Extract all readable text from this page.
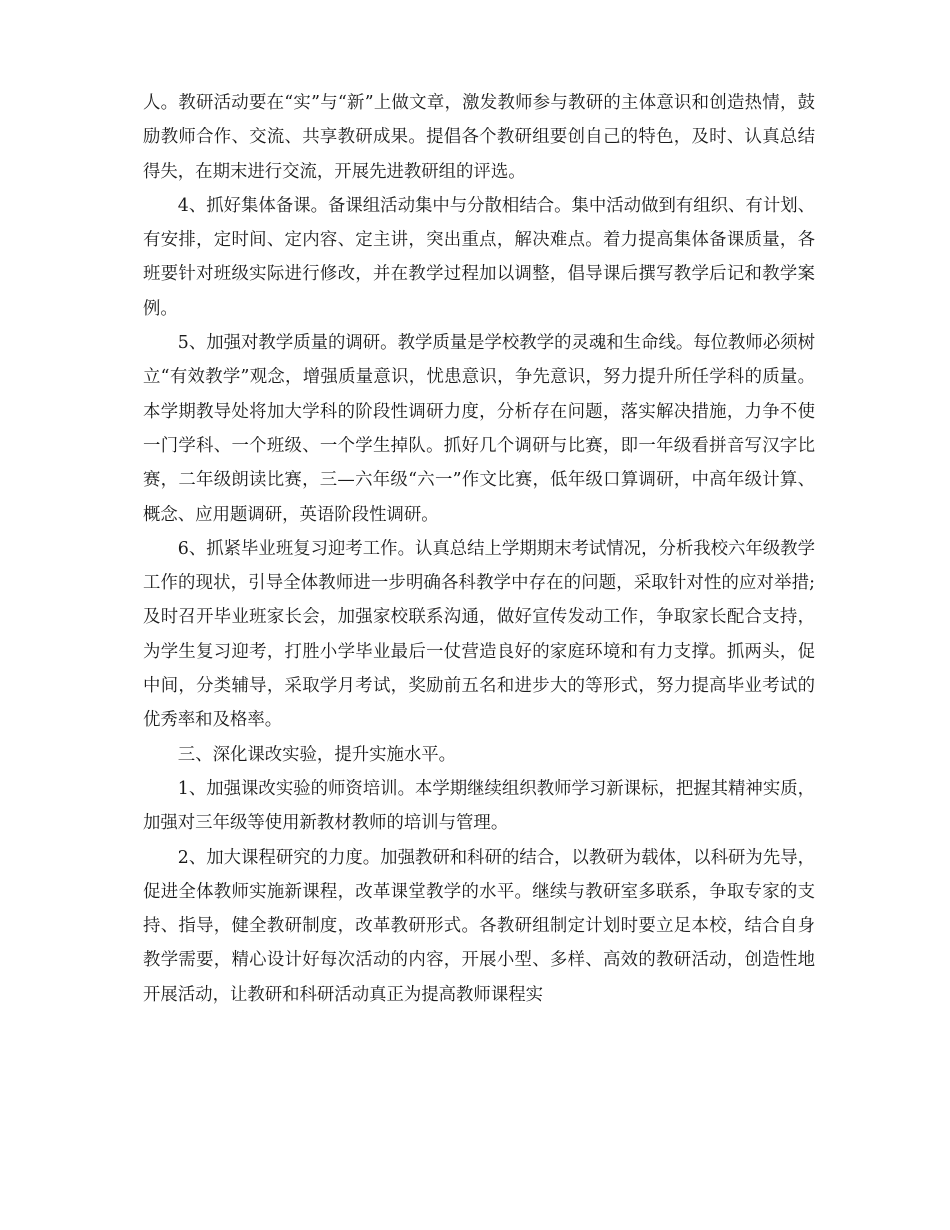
人。教研活动要在“实”与“新”上做文章，激发教师参与教研的主体意识和创造热情，鼓励教师合作、交流、共享教研成果。提倡各个教研组要创自己的特色，及时、认真总结得失，在期末进行交流，开展先进教研组的评选。

4、抓好集体备课。备课组活动集中与分散相结合。集中活动做到有组织、有计划、有安排，定时间、定内容、定主讲，突出重点，解决难点。着力提高集体备课质量，各班要针对班级实际进行修改，并在教学过程加以调整，倡导课后撰写教学后记和教学案例。

5、加强对教学质量的调研。教学质量是学校教学的灵魂和生命线。每位教师必须树立“有效教学”观念，增强质量意识，忧患意识，争先意识，努力提升所任学科的质量。本学期教导处将加大学科的阶段性调研力度，分析存在问题，落实解决措施，力争不使一门学科、一个班级、一个学生掉队。抓好几个调研与比赛，即一年级看拼音写汉字比赛，二年级朗读比赛，三—六年级“六一”作文比赛，低年级口算调研，中高年级计算、概念、应用题调研，英语阶段性调研。

6、抓紧毕业班复习迎考工作。认真总结上学期期末考试情况，分析我校六年级教学工作的现状，引导全体教师进一步明确各科教学中存在的问题，采取针对性的应对举措;及时召开毕业班家长会，加强家校联系沟通，做好宣传发动工作，争取家长配合支持，为学生复习迎考，打胜小学毕业最后一仗营造良好的家庭环境和有力支撑。抓两头，促中间，分类辅导，采取学月考试，奖励前五名和进步大的等形式，努力提高毕业考试的优秀率和及格率。

三、深化课改实验，提升实施水平。

1、加强课改实验的师资培训。本学期继续组织教师学习新课标，把握其精神实质，加强对三年级等使用新教材教师的培训与管理。

2、加大课程研究的力度。加强教研和科研的结合，以教研为载体，以科研为先导，促进全体教师实施新课程，改革课堂教学的水平。继续与教研室多联系，争取专家的支持、指导，健全教研制度，改革教研形式。各教研组制定计划时要立足本校，结合自身教学需要，精心设计好每次活动的内容，开展小型、多样、高效的教研活动，创造性地开展活动，让教研和科研活动真正为提高教师课程实
